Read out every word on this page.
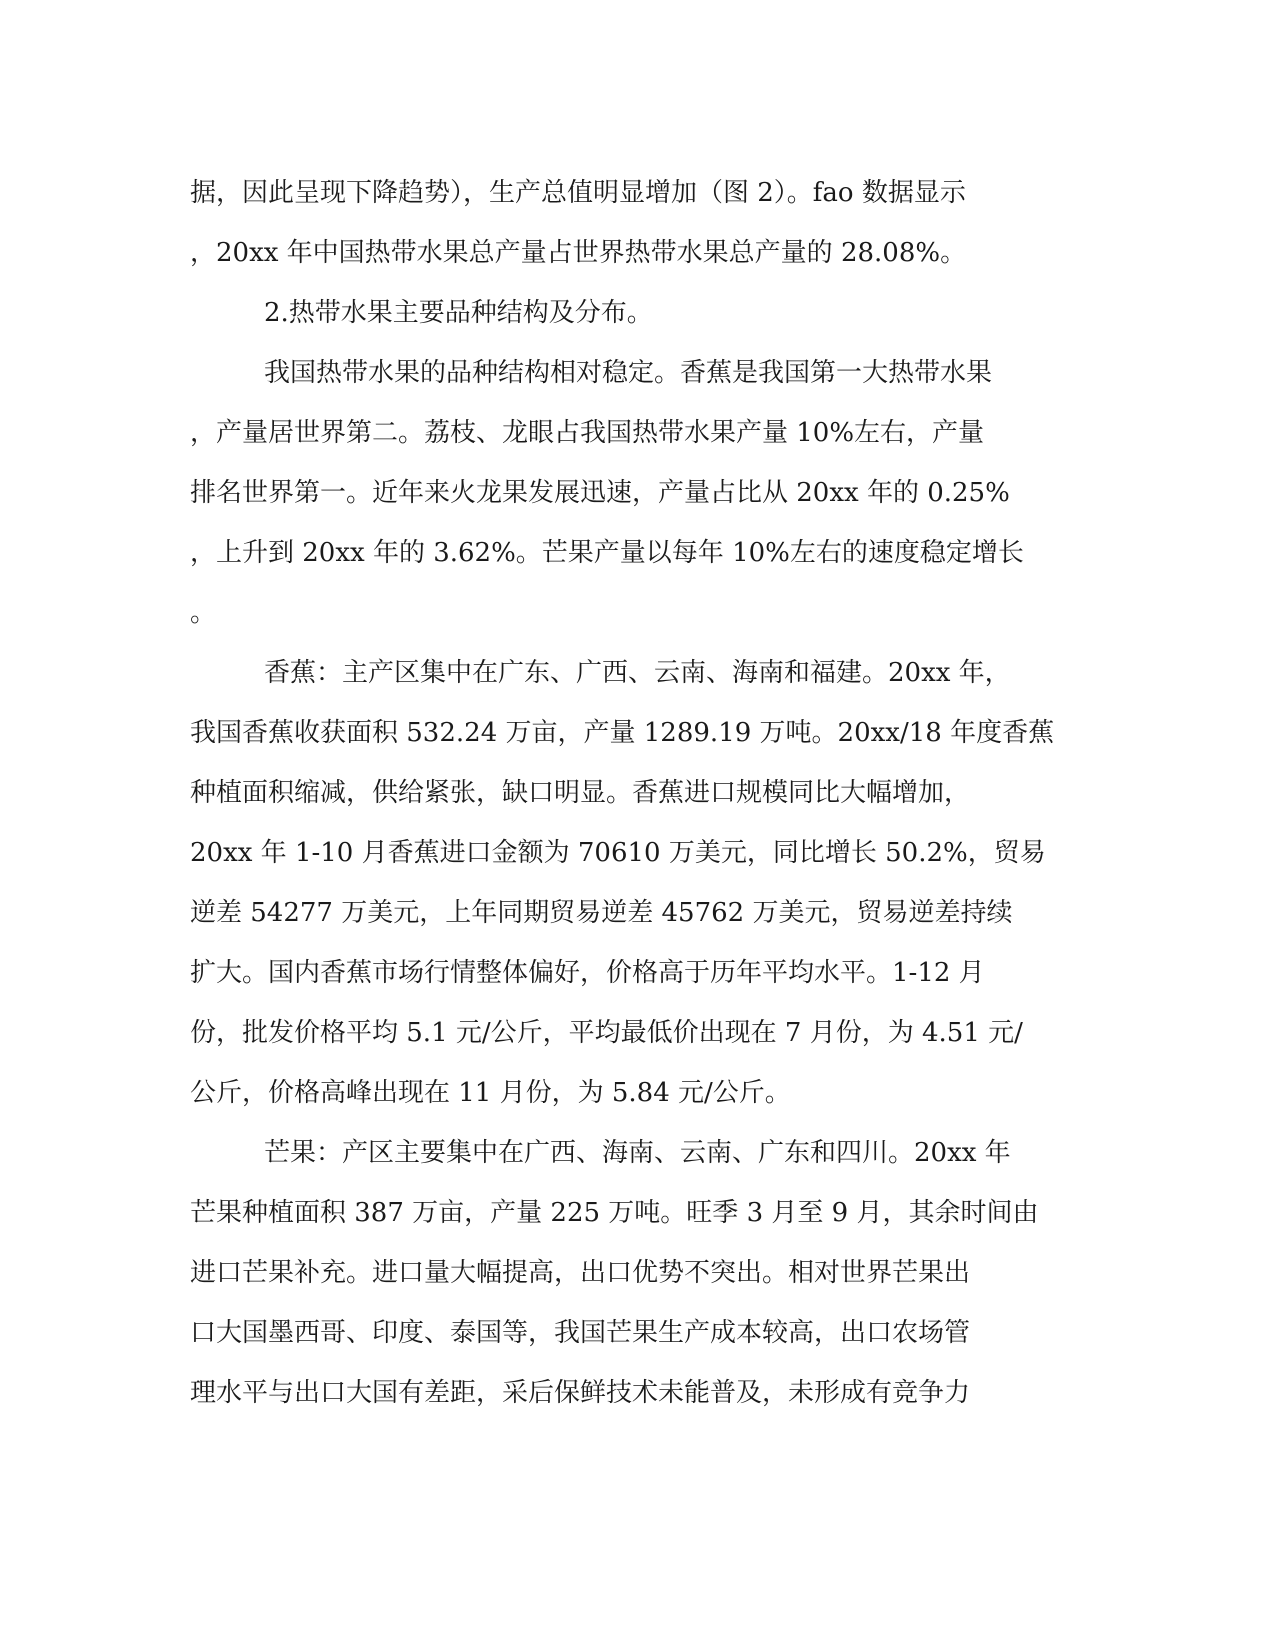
据，因此呈现下降趋势），生产总值明显增加（图 2）。fao 数据显示
，20xx 年中国热带水果总产量占世界热带水果总产量的 28.08%。
2.热带水果主要品种结构及分布。
我国热带水果的品种结构相对稳定。香蕉是我国第一大热带水果
，产量居世界第二。荔枝、龙眼占我国热带水果产量 10%左右，产量
排名世界第一。近年来火龙果发展迅速，产量占比从 20xx 年的 0.25%
，上升到 20xx 年的 3.62%。芒果产量以每年 10%左右的速度稳定增长
。
香蕉：主产区集中在广东、广西、云南、海南和福建。20xx 年，
我国香蕉收获面积 532.24 万亩，产量 1289.19 万吨。20xx/18 年度香蕉
种植面积缩减，供给紧张，缺口明显。香蕉进口规模同比大幅增加，
20xx 年 1-10 月香蕉进口金额为 70610 万美元，同比增长 50.2%，贸易
逆差 54277 万美元，上年同期贸易逆差 45762 万美元，贸易逆差持续
扩大。国内香蕉市场行情整体偏好，价格高于历年平均水平。1-12 月
份，批发价格平均 5.1 元/公斤，平均最低价出现在 7 月份，为 4.51 元/
公斤，价格高峰出现在 11 月份，为 5.84 元/公斤。
芒果：产区主要集中在广西、海南、云南、广东和四川。20xx 年
芒果种植面积 387 万亩，产量 225 万吨。旺季 3 月至 9 月，其余时间由
进口芒果补充。进口量大幅提高，出口优势不突出。相对世界芒果出
口大国墨西哥、印度、泰国等，我国芒果生产成本较高，出口农场管
理水平与出口大国有差距，采后保鲜技术未能普及，未形成有竞争力
